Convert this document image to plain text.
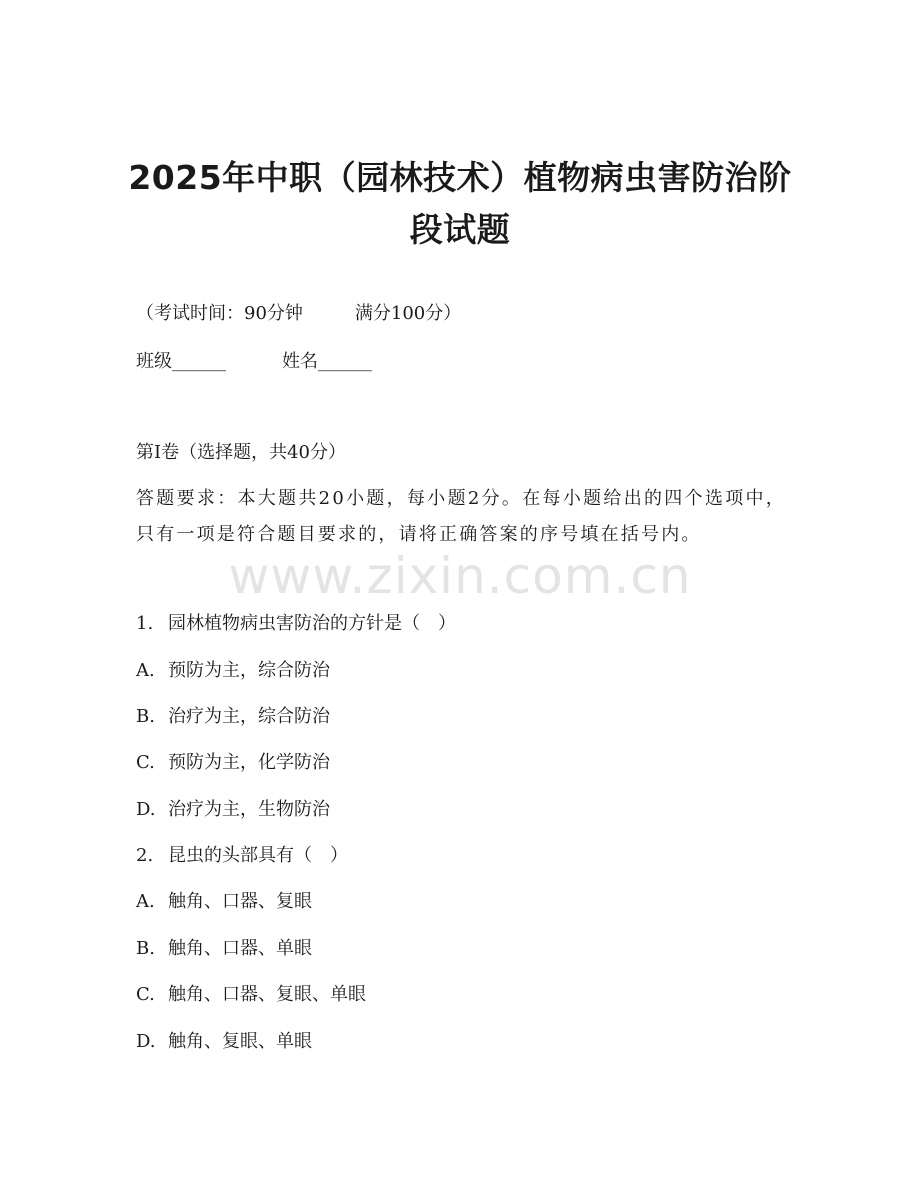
2025年中职（园林技术）植物病虫害防治阶
段试题
（考试时间：90分钟	满分100分）
班级______	姓名______
第Ⅰ卷（选择题，共40分）
答题要求：本大题共20小题，每小题2分。在每小题给出的四个选项中，只有一项是符合题目要求的，请将正确答案的序号填在括号内。
www.zixin.com.cn
1. 园林植物病虫害防治的方针是（　）
A. 预防为主，综合防治
B. 治疗为主，综合防治
C. 预防为主，化学防治
D. 治疗为主，生物防治
2. 昆虫的头部具有（　）
A. 触角、口器、复眼
B. 触角、口器、单眼
C. 触角、口器、复眼、单眼
D. 触角、复眼、单眼
